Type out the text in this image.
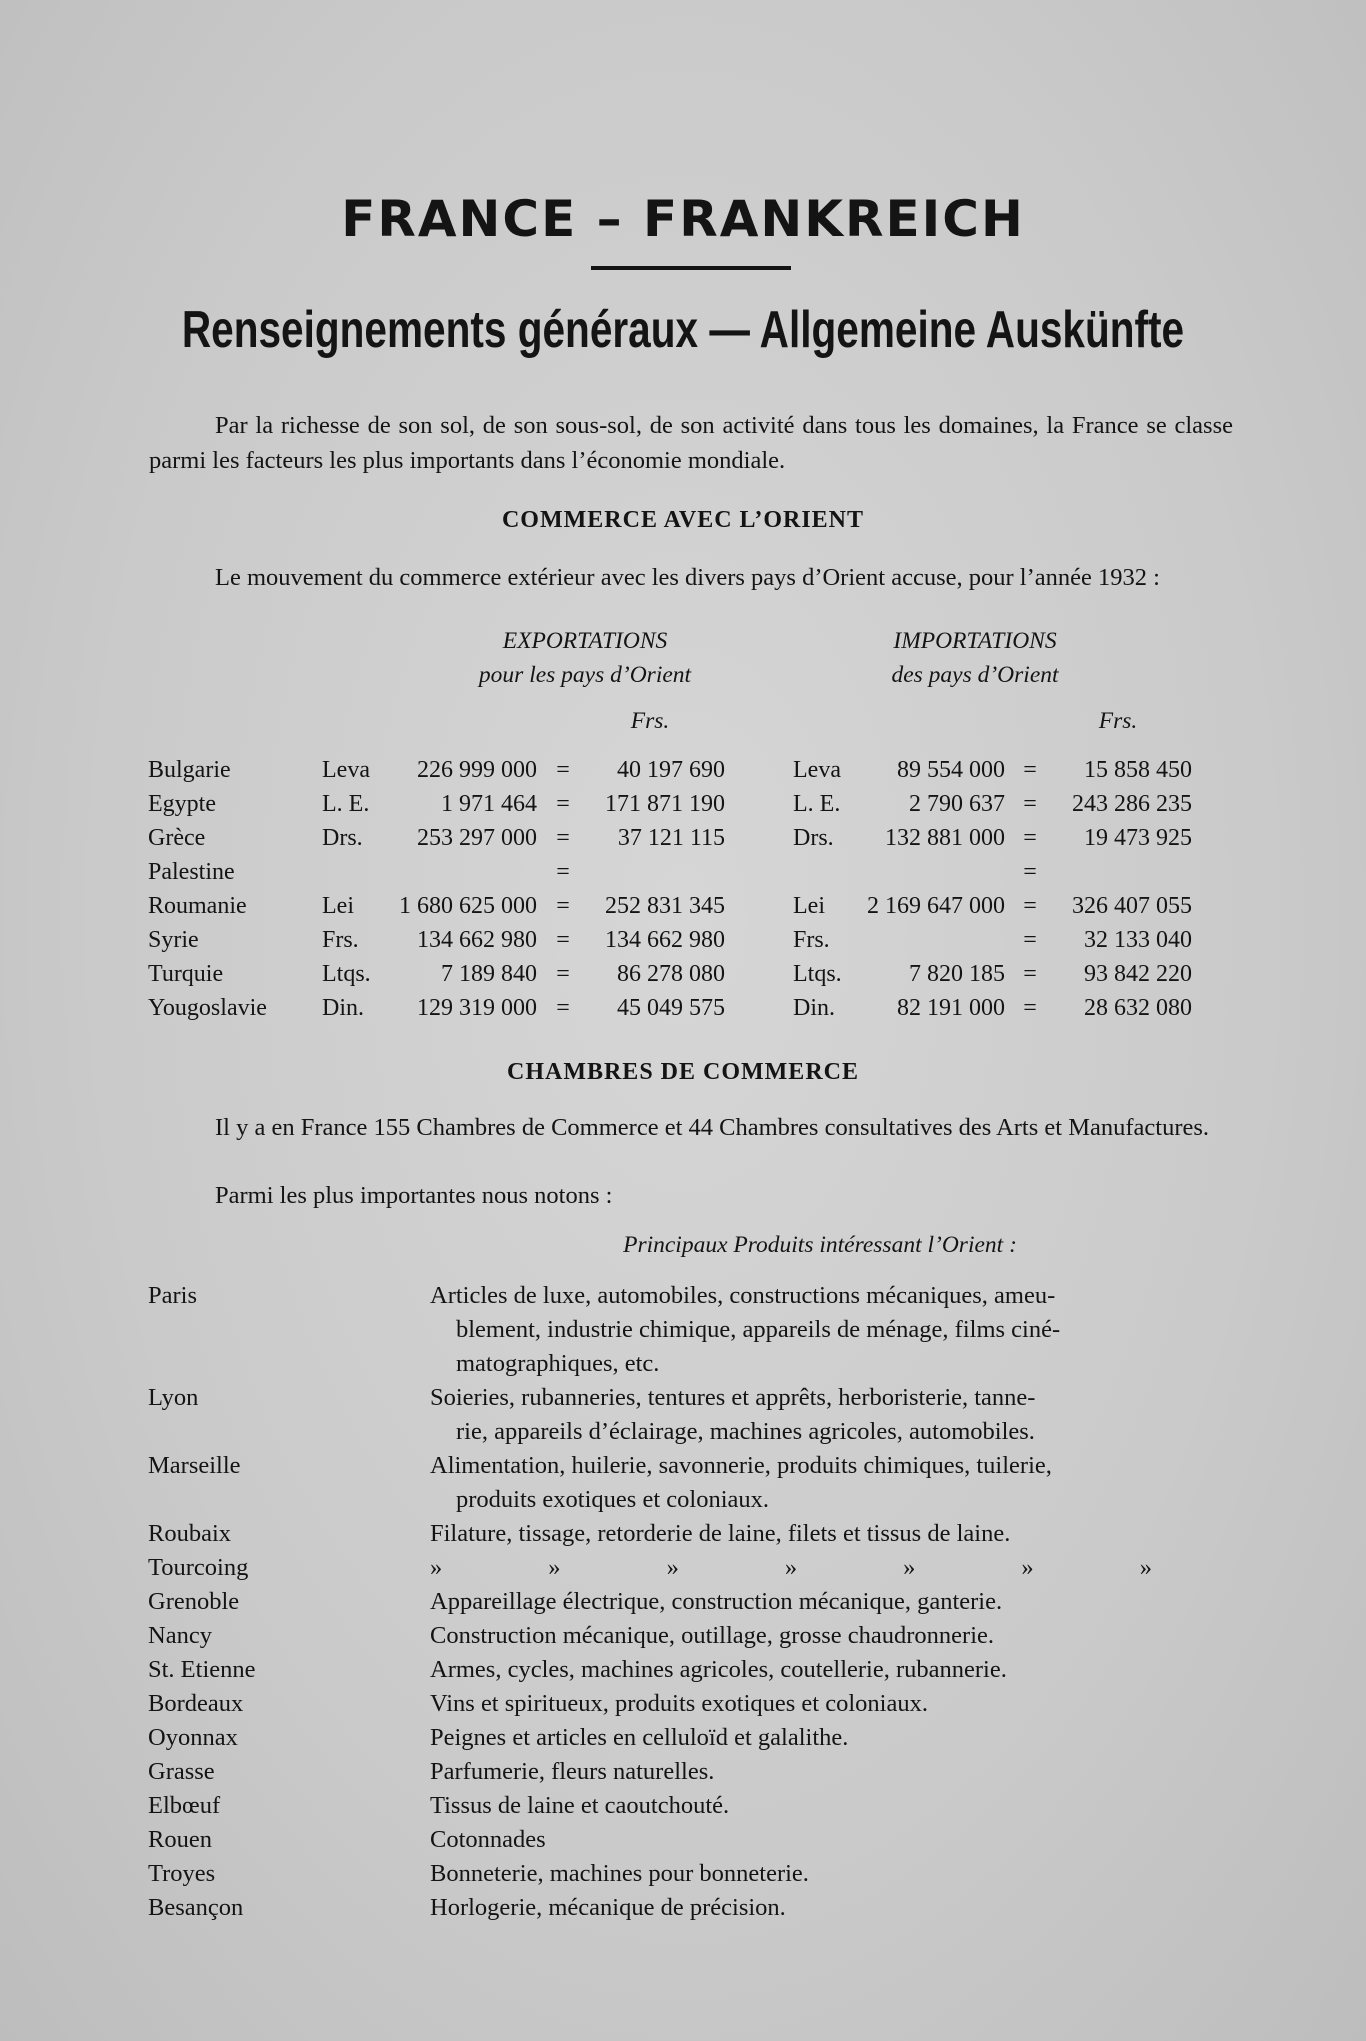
FRANCE – FRANKREICH
Renseignements généraux — Allgemeine Auskünfte
Par la richesse de son sol, de son sous-sol, de son activité dans tous les domaines, la France se classe parmi les facteurs les plus importants dans l’économie mondiale.
COMMERCE AVEC L’ORIENT
Le mouvement du commerce extérieur avec les divers pays d’Orient accuse, pour l’année 1932 :
EXPORTATIONS
pour les pays d’Orient
IMPORTATIONS
des pays d’Orient
Frs.	Frs.
Bulgarie	Leva	226 999 000 =	40 197 690	Leva	89 554 000 =	15 858 450
Egypte	L. E.	1 971 464 =	171 871 190	L. E.	2 790 637 =	243 286 235
Grèce	Drs.	253 297 000 =	37 121 115	Drs.	132 881 000 =	19 473 925
Palestine	=	=
Roumanie	Lei	1 680 625 000 =	252 831 345	Lei	2 169 647 000 =	326 407 055
Syrie	Frs.	134 662 980 =	134 662 980	Frs.	=	32 133 040
Turquie	Ltqs.	7 189 840 =	86 278 080	Ltqs.	7 820 185 =	93 842 220
Yougoslavie Din.	129 319 000 =	45 049 575	Din.	82 191 000 =	28 632 080
CHAMBRES DE COMMERCE
Il y a en France 155 Chambres de Commerce et 44 Chambres consultatives des Arts et Manufactures.
Parmi les plus importantes nous notons :
Principaux Produits intéressant l’Orient :
Paris	Articles de luxe, automobiles, constructions mécaniques, ameu-
blement, industrie chimique, appareils de ménage, films ciné-
matographiques, etc.
Lyon	Soieries, rubanneries, tentures et apprêts, herboristerie, tanne-
rie, appareils d’éclairage, machines agricoles, automobiles.
Marseille	Alimentation, huilerie, savonnerie, produits chimiques, tuilerie,
produits exotiques et coloniaux.
Roubaix	Filature, tissage, retorderie de laine, filets et tissus de laine.
Tourcoing	»	»	»	»	»	»	»
Grenoble	Appareillage électrique, construction mécanique, ganterie.
Nancy	Construction mécanique, outillage, grosse chaudronnerie.
St. Etienne	Armes, cycles, machines agricoles, coutellerie, rubannerie.
Bordeaux	Vins et spiritueux, produits exotiques et coloniaux.
Oyonnax	Peignes et articles en celluloïd et galalithe.
Grasse	Parfumerie, fleurs naturelles.
Elbœuf	Tissus de laine et caoutchouté.
Rouen	Cotonnades
Troyes	Bonneterie, machines pour bonneterie.
Besançon	Horlogerie, mécanique de précision.
